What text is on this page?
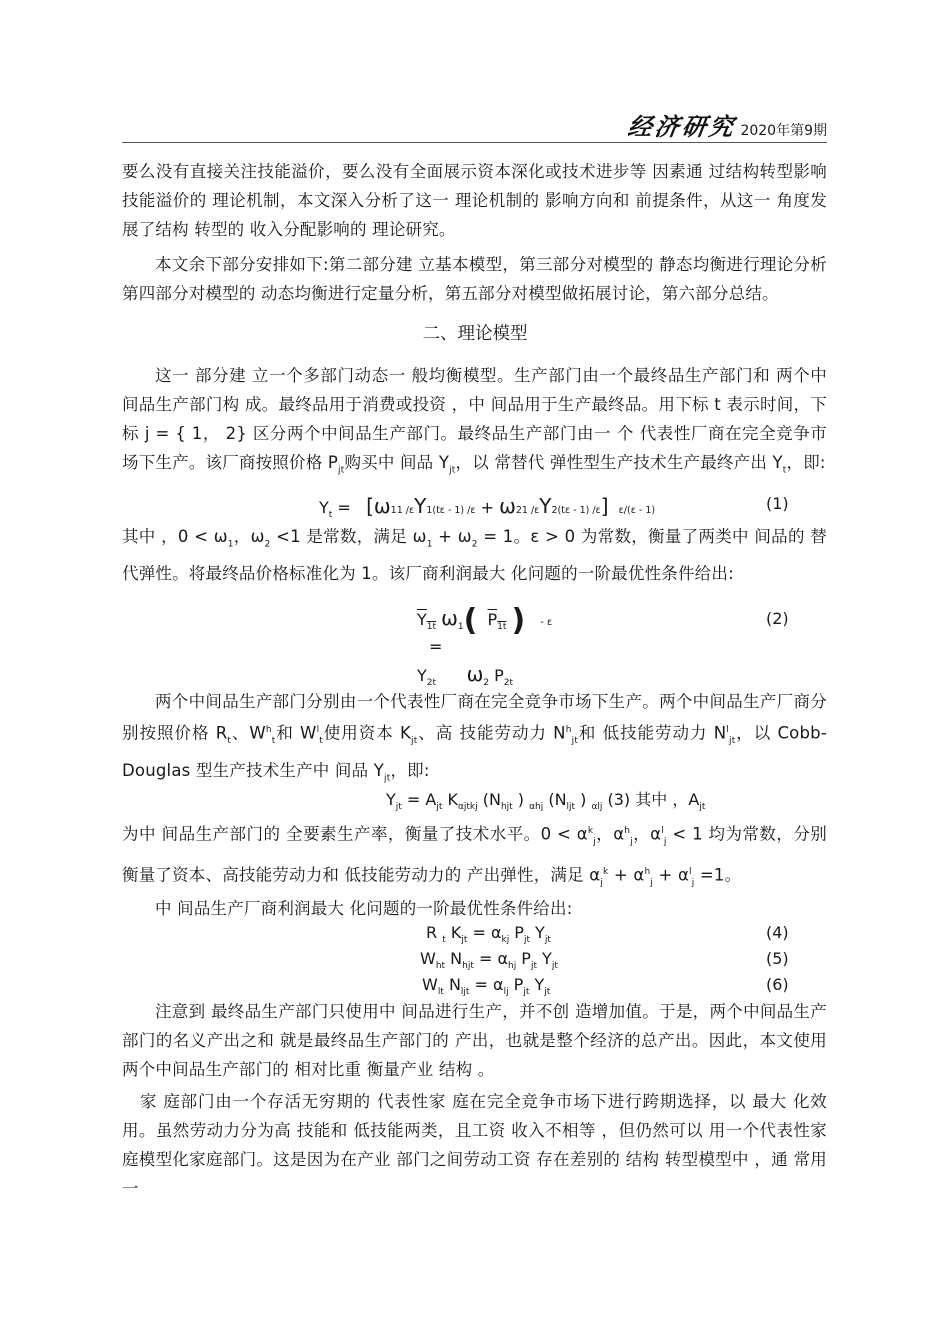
经济研究 2020年第9期
要么没有直接关注技能溢价，要么没有全面展示资本深化或技术进步等 因素通 过结构转型影响技能溢价的 理论机制，本文深入分析了这一 理论机制的 影响方向和 前提条件，从这一 角度发展了结构 转型的 收入分配影响的 理论研究。
本文余下部分安排如下:第二部分建 立基本模型，第三部分对模型的 静态均衡进行理论分析第四部分对模型的 动态均衡进行定量分析，第五部分对模型做拓展讨论，第六部分总结。
二、理论模型
这一 部分建 立一个多部门动态一 般均衡模型。生产部门由一个最终品生产部门和 两个中间品生产部门构 成。最终品用于消费或投资 ，中 间品用于生产最终品。用下标 t 表示时间，下标 j = { 1， 2} 区分两个中间品生产部门。最终品生产部门由一 个 代表性厂商在完全竞争市场下生产。该厂商按照价格 $P_{jt}$购买中 间品 $Y_{jt}$，以 常替代 弹性型生产技术生产最终产出 $Y_t$，即:
$Y_t = [\omega 11$ /εY1(tε - 1) /ε + ω21 /εY2(tε - 1) /ε] ε/(ε - 1)	(1)
其中 ，$0 < \omega_1$，$\omega_2 <1$ 是常数，满足 $\omega_1 + \omega_2 = 1$。ε > 0 为常数，衡量了两类中 间品的 替代弹性。将最终品价格标准化为 1。该厂商利润最大 化问题的一阶最优性条件给出:
$\overline{Y}_{1t}$ $\omega_1$( $\overline{P}_{1t}$ ) - ε
=
$Y_{2t}$ $\omega_2$ $P_{2t}$
(2)
两个中间品生产部门分别由一个代表性厂商在完全竞争市场下生产。两个中间品生产厂商分别按照价格 $R_t$、$W^h_t$和 $W^l_t$使用资本 $K_{jt}$、高 技能劳动力 $N^h_{jt}$和 低技能劳动力 $N^l_{jt}$，以 Cobb-Douglas 型生产技术生产中 间品 $Y_{jt}$，即:
$Y_{jt} = A_{jt}$ $K_{\alpha jtkj}$ ($N_{hjt}$ ) $_{\alpha hj}$ ($N_{ljt}$ ) $_{\alpha lj}$ (3) 其中 ，$A_{jt}$
为中 间品生产部门的 全要素生产率，衡量了技术水平。$0 < \alpha^k_j$，$\alpha^h_j$，$\alpha^l_j < 1$ 均为常数，分别衡量了资本、高技能劳动力和 低技能劳动力的 产出弹性，满足 $\alpha_j^k + \alpha^h_j + \alpha^l_j =1$。
中 间品生产厂商利润最大 化问题的一阶最优性条件给出:
R $_t$ $K_{jt} = \alpha_{kj}$ $P_{jt}$ $Y_{jt}$	(4)
$W_{ht}$ $N_{hjt} = \alpha_{hj}$ $P_{jt}$ $Y_{jt}$	(5)
$W_{lt}$ $N_{ljt} = \alpha_{lj}$ $P_{jt}$ $Y_{jt}$	(6)
注意到 最终品生产部门只使用中 间品进行生产，并不创 造增加值。于是，两个中间品生产部门的名义产出之和 就是最终品生产部门的 产出，也就是整个经济的总产出。因此，本文使用两个中间品生产部门的 相对比重 衡量产业 结构 。
家 庭部门由一个存活无穷期的 代表性家 庭在完全竞争市场下进行跨期选择，以 最大 化效用。虽然劳动力分为高 技能和 低技能两类，且工资 收入不相等 ，但仍然可以 用一个代表性家 庭模型化家庭部门。这是因为在产业 部门之间劳动工资 存在差别的 结构 转型模型中 ，通 常用一
